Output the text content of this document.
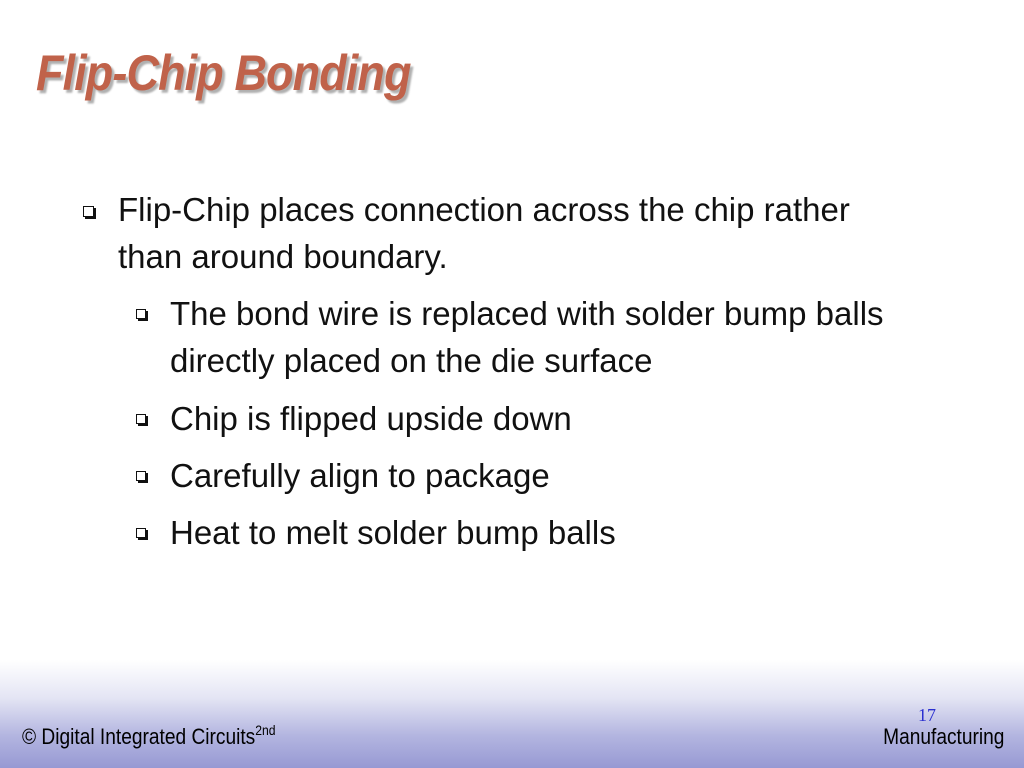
Flip-Chip Bonding
Flip-Chip places connection across the chip rather than around boundary.
The bond wire is replaced with solder bump balls directly placed on the die surface
Chip is flipped upside down
Carefully align to package
Heat to melt solder bump balls
© Digital Integrated Circuits$^{2nd}$
17
Manufacturing
